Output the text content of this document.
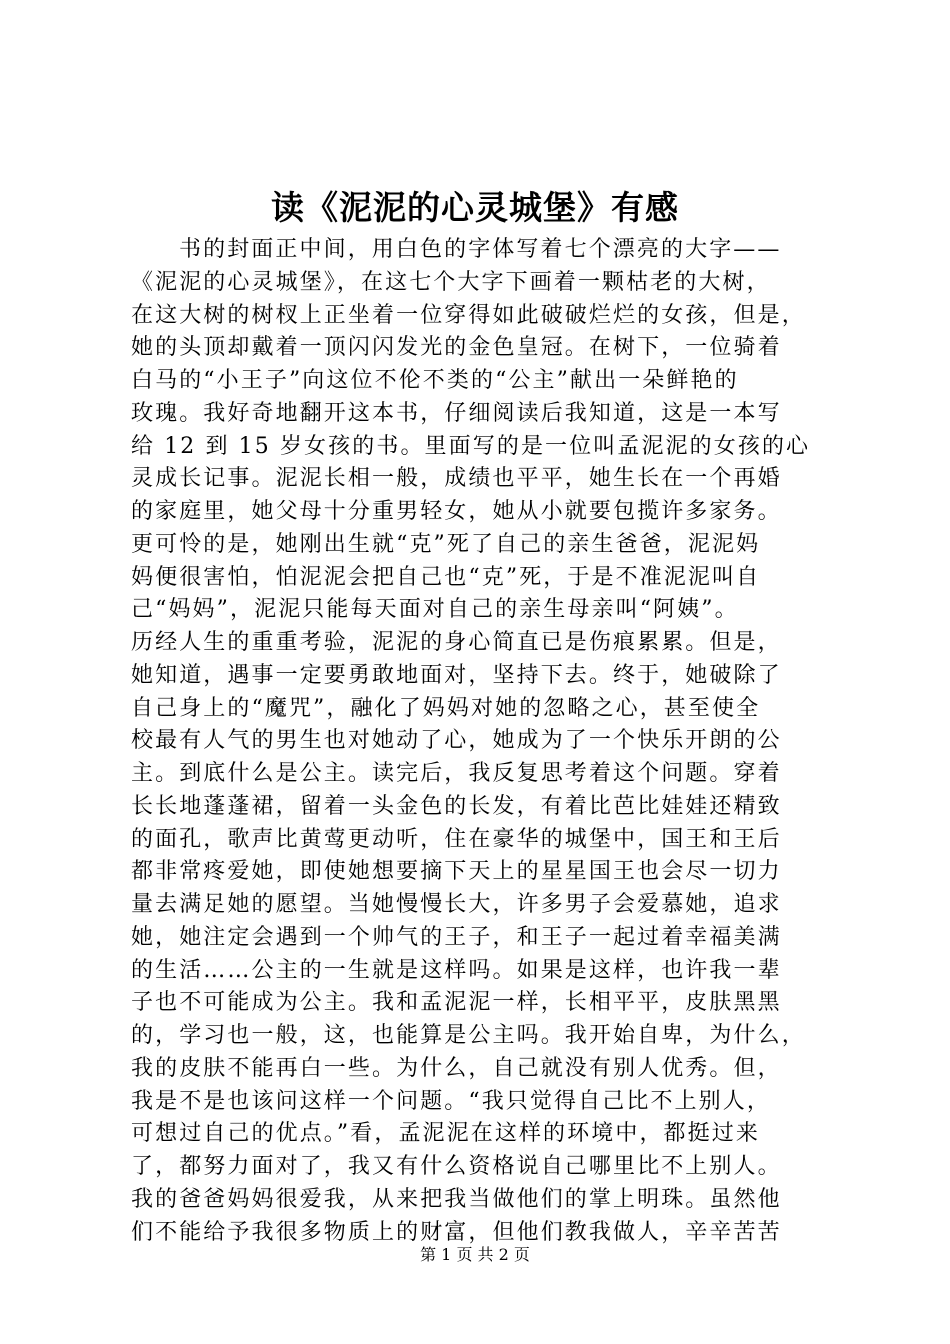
读《泥泥的心灵城堡》有感
书的封面正中间，用白色的字体写着七个漂亮的大字——
《泥泥的心灵城堡》，在这七个大字下画着一颗枯老的大树，
在这大树的树杈上正坐着一位穿得如此破破烂烂的女孩，但是，
她的头顶却戴着一顶闪闪发光的金色皇冠。在树下，一位骑着
白马的“小王子”向这位不伦不类的“公主”献出一朵鲜艳的
玫瑰。我好奇地翻开这本书，仔细阅读后我知道，这是一本写
给 12 到 15 岁女孩的书。里面写的是一位叫孟泥泥的女孩的心
灵成长记事。泥泥长相一般，成绩也平平，她生长在一个再婚
的家庭里，她父母十分重男轻女，她从小就要包揽许多家务。
更可怜的是，她刚出生就“克”死了自己的亲生爸爸，泥泥妈
妈便很害怕，怕泥泥会把自己也“克”死，于是不准泥泥叫自
己“妈妈”，泥泥只能每天面对自己的亲生母亲叫“阿姨”。
历经人生的重重考验，泥泥的身心简直已是伤痕累累。但是，
她知道，遇事一定要勇敢地面对，坚持下去。终于，她破除了
自己身上的“魔咒”，融化了妈妈对她的忽略之心，甚至使全
校最有人气的男生也对她动了心，她成为了一个快乐开朗的公
主。到底什么是公主。读完后，我反复思考着这个问题。穿着
长长地蓬蓬裙，留着一头金色的长发，有着比芭比娃娃还精致
的面孔，歌声比黄莺更动听，住在豪华的城堡中，国王和王后
都非常疼爱她，即使她想要摘下天上的星星国王也会尽一切力
量去满足她的愿望。当她慢慢长大，许多男子会爱慕她，追求
她，她注定会遇到一个帅气的王子，和王子一起过着幸福美满
的生活……公主的一生就是这样吗。如果是这样，也许我一辈
子也不可能成为公主。我和孟泥泥一样，长相平平，皮肤黑黑
的，学习也一般，这，也能算是公主吗。我开始自卑，为什么，
我的皮肤不能再白一些。为什么，自己就没有别人优秀。但，
我是不是也该问这样一个问题。“我只觉得自己比不上别人，
可想过自己的优点。”看，孟泥泥在这样的环境中，都挺过来
了，都努力面对了，我又有什么资格说自己哪里比不上别人。
我的爸爸妈妈很爱我，从来把我当做他们的掌上明珠。虽然他
们不能给予我很多物质上的财富，但他们教我做人，辛辛苦苦
第 1 页 共 2 页
